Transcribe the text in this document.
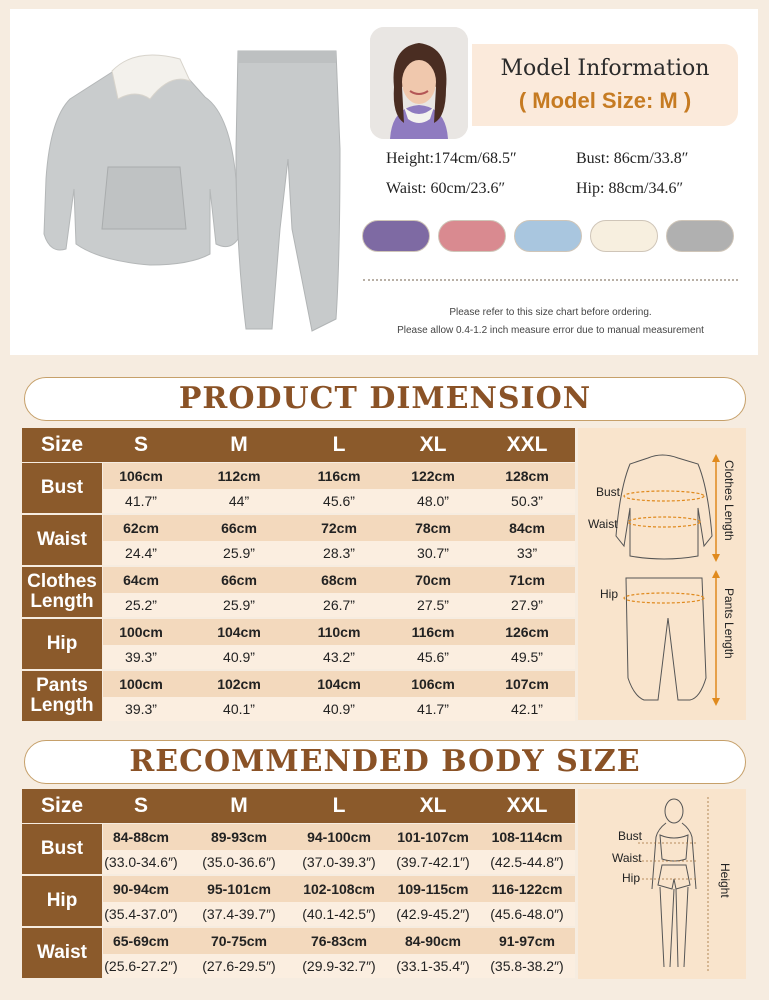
Model Information
( Model Size: M )
Height:174cm/68.5″	Bust: 86cm/33.8″
Waist: 60cm/23.6″	Hip: 88cm/34.6″
Please refer to this size chart before ordering.
Please allow 0.4-1.2 inch measure error due to manual measurement
PRODUCT DIMENSION
Size	S	M	L	XL	XXL
Bust
106cm	112cm	116cm	122cm	128cm
41.7”	44”	45.6”	48.0”	50.3”
Waist
62cm	66cm	72cm	78cm	84cm
24.4”	25.9”	28.3”	30.7”	33”
Clothes Length
64cm	66cm	68cm	70cm	71cm
25.2”	25.9”	26.7”	27.5”	27.9”
Hip
100cm	104cm	110cm	116cm	126cm
39.3”	40.9”	43.2”	45.6”	49.5”
Pants Length
100cm	102cm	104cm	106cm	107cm
39.3”	40.1”	40.9”	41.7”	42.1”
Bust
Waist
Hip
Clothes Length
Pants Length
RECOMMENDED BODY SIZE
Size	S	M	L	XL	XXL
Bust
84-88cm	89-93cm	94-100cm	101-107cm	108-114cm
(33.0-34.6″)	(35.0-36.6″)	(37.0-39.3″)	(39.7-42.1″)	(42.5-44.8″)
Hip
90-94cm	95-101cm	102-108cm	109-115cm	116-122cm
(35.4-37.0″)	(37.4-39.7″)	(40.1-42.5″)	(42.9-45.2″)	(45.6-48.0″)
Waist
65-69cm	70-75cm	76-83cm	84-90cm	91-97cm
(25.6-27.2″)	(27.6-29.5″)	(29.9-32.7″)	(33.1-35.4″)	(35.8-38.2″)
Bust
Waist
Hip	Height
